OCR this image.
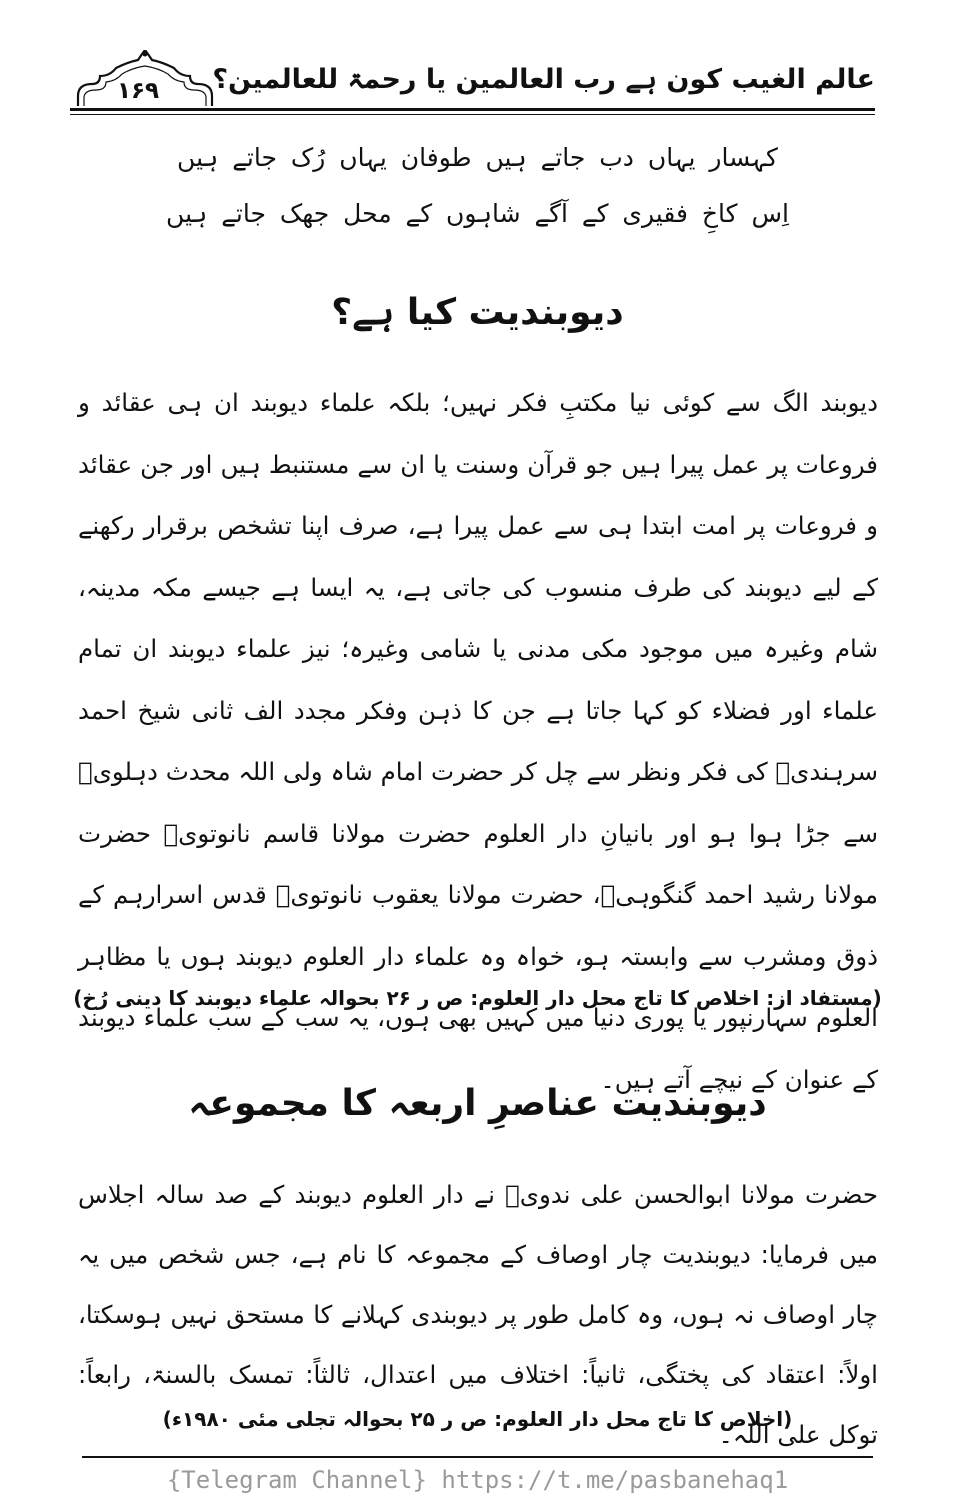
عالم الغیب کون ہے رب العالمین یا رحمۃ للعالمین؟
۱۶۹
کہسار یہاں دب جاتے ہیں طوفان یہاں رُک جاتے ہیں
اِس کاخِ فقیری کے آگے شاہوں کے محل جھک جاتے ہیں
دیوبندیت کیا ہے؟
دیوبند الگ سے کوئی نیا مکتبِ فکر نہیں؛ بلکہ علماء دیوبند ان ہی عقائد و فروعات پر عمل پیرا ہیں جو قرآن وسنت یا ان سے مستنبط ہیں اور جن عقائد و فروعات پر امت ابتدا ہی سے عمل پیرا ہے، صرف اپنا تشخص برقرار رکھنے کے لیے دیوبند کی طرف منسوب کی جاتی ہے، یہ ایسا ہے جیسے مکہ مدینہ، شام وغیرہ میں موجود مکی مدنی یا شامی وغیرہ؛ نیز علماء دیوبند ان تمام علماء اور فضلاء کو کہا جاتا ہے جن کا ذہن وفکر مجدد الف ثانی شیخ احمد سرہندیؒ کی فکر ونظر سے چل کر حضرت امام شاہ ولی اللہ محدث دہلویؒ سے جڑا ہوا ہو اور بانیانِ دار العلوم حضرت مولانا قاسم نانوتویؒ حضرت مولانا رشید احمد گنگوہیؒ، حضرت مولانا یعقوب نانوتویؒ قدس اسرارہم کے ذوق ومشرب سے وابستہ ہو، خواہ وہ علماء دار العلوم دیوبند ہوں یا مظاہر العلوم سہارنپور یا پوری دنیا میں کہیں بھی ہوں، یہ سب کے سب علماء دیوبند کے عنوان کے نیچے آتے ہیں۔
(مستفاد از: اخلاص کا تاج محل دار العلوم: ص ر ۲۶ بحوالہ علماء دیوبند کا دینی رُخ)
دیوبندیت عناصرِ اربعہ کا مجموعہ
حضرت مولانا ابوالحسن علی ندویؒ نے دار العلوم دیوبند کے صد سالہ اجلاس میں فرمایا: دیوبندیت چار اوصاف کے مجموعہ کا نام ہے، جس شخص میں یہ چار اوصاف نہ ہوں، وہ کامل طور پر دیوبندی کہلانے کا مستحق نہیں ہوسکتا، اولاً: اعتقاد کی پختگی، ثانیاً: اختلاف میں اعتدال، ثالثاً: تمسک بالسنۃ، رابعاً: توکل علی اللہ۔
(اخلاص کا تاج محل دار العلوم: ص ر ۲۵ بحوالہ تجلی مئی ۱۹۸۰ء)
{Telegram Channel} https://t.me/pasbanehaq1
